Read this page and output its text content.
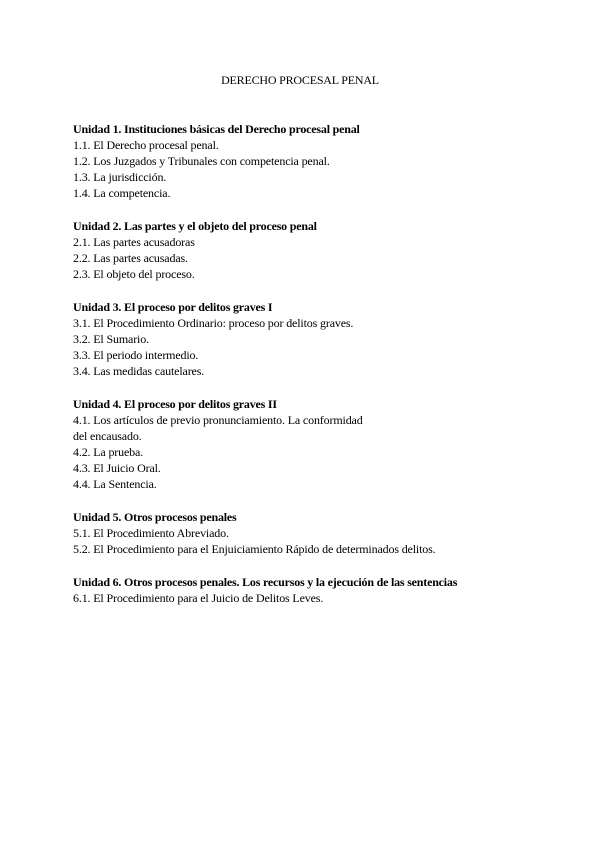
DERECHO PROCESAL PENAL
Unidad 1. Instituciones básicas del Derecho procesal penal
1.1. El Derecho procesal penal.
1.2. Los Juzgados y Tribunales con competencia penal.
1.3. La jurisdicción.
1.4. La competencia.
Unidad 2. Las partes y el objeto del proceso penal
2.1. Las partes acusadoras
2.2. Las partes acusadas.
2.3. El objeto del proceso.
Unidad 3. El proceso por delitos graves I
3.1. El Procedimiento Ordinario: proceso por delitos graves.
3.2. El Sumario.
3.3. El periodo intermedio.
3.4. Las medidas cautelares.
Unidad 4. El proceso por delitos graves II
4.1. Los artículos de previo pronunciamiento. La conformidad
del encausado.
4.2. La prueba.
4.3. El Juicio Oral.
4.4. La Sentencia.
Unidad 5. Otros procesos penales
5.1. El Procedimiento Abreviado.
5.2. El Procedimiento para el Enjuiciamiento Rápido de determinados delitos.
Unidad 6. Otros procesos penales. Los recursos y la ejecución de las sentencias
6.1. El Procedimiento para el Juicio de Delitos Leves.
